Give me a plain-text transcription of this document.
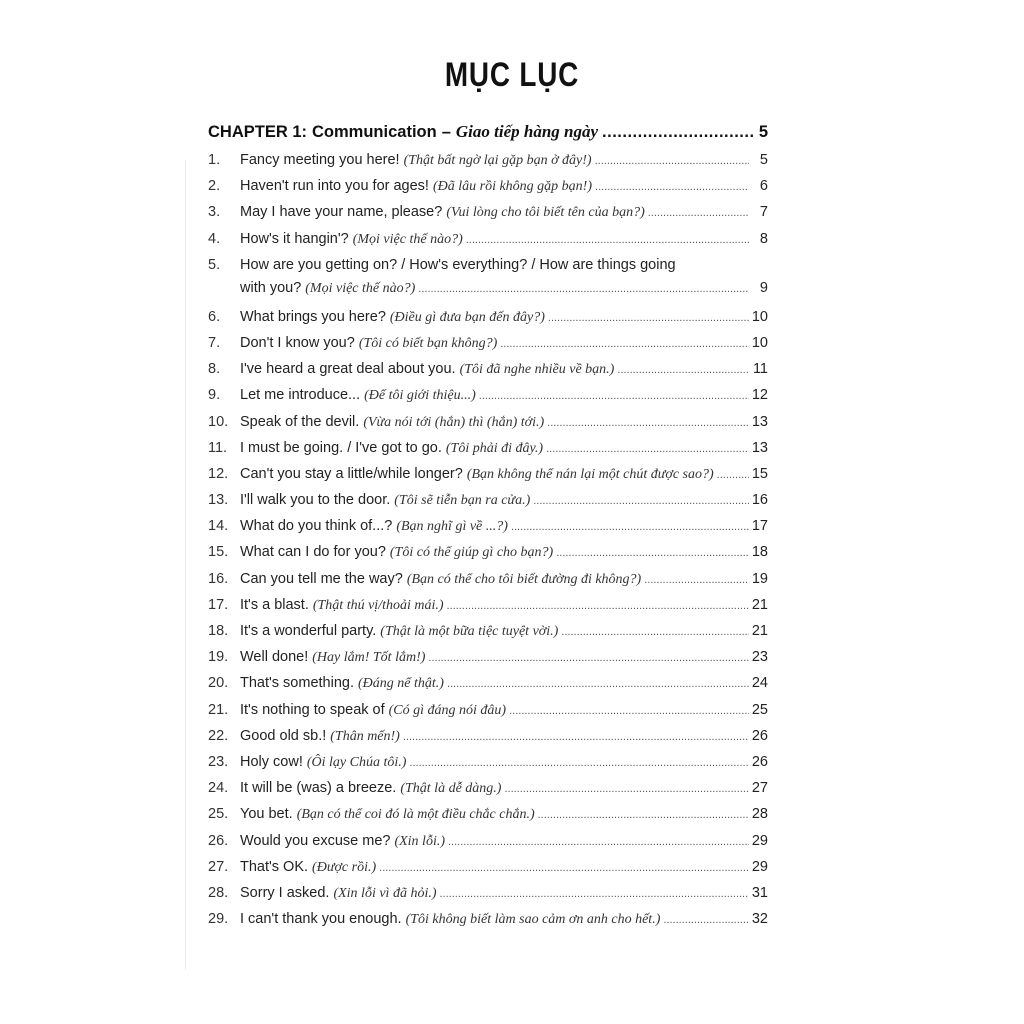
MỤC LỤC
CHAPTER 1: Communication – Giao tiếp hàng ngày .....	5
1.	Fancy meeting you here! (Thật bất ngờ lại gặp bạn ở đây!) .....	5
2.	Haven't run into you for ages! (Đã lâu rồi không gặp bạn!) .....	6
3.	May I have your name, please? (Vui lòng cho tôi biết tên của bạn?) .....	7
4.	How's it hangin'? (Mọi việc thế nào?) .....	8
5.	How are you getting on? / How's everything? / How are things going
with you? (Mọi việc thế nào?) .....	9
6.	What brings you here? (Điều gì đưa bạn đến đây?) .....	10
7.	Don't I know you? (Tôi có biết bạn không?) .....	10
8.	I've heard a great deal about you. (Tôi đã nghe nhiều về bạn.) .....	11
9.	Let me introduce... (Để tôi giới thiệu...) .....	12
10. Speak of the devil. (Vừa nói tới (hắn) thì (hắn) tới.) .....	13
11. I must be going. / I've got to go. (Tôi phải đi đây.) .....	13
12. Can't you stay a little/while longer? (Bạn không thể nán lại một chút được sao?) .....	15
13. I'll walk you to the door. (Tôi sẽ tiễn bạn ra cửa.) .....	16
14. What do you think of...? (Bạn nghĩ gì về ...?) .....	17
15. What can I do for you? (Tôi có thể giúp gì cho bạn?) .....	18
16. Can you tell me the way? (Bạn có thể cho tôi biết đường đi không?) .....	19
17. It's a blast. (Thật thú vị/thoải mái.) .....	21
18. It's a wonderful party. (Thật là một bữa tiệc tuyệt vời.) .....	21
19. Well done! (Hay lắm! Tốt lắm!) .....	23
20. That's something. (Đáng nể thật.) .....	24
21. It's nothing to speak of (Có gì đáng nói đâu) .....	25
22. Good old sb.! (Thân mến!) .....	26
23. Holy cow! (Ôi lạy Chúa tôi.) .....	26
24. It will be (was) a breeze. (Thật là dễ dàng.) .....	27
25. You bet. (Bạn có thể coi đó là một điều chắc chắn.) .....	28
26. Would you excuse me? (Xin lỗi.) .....	29
27. That's OK. (Được rồi.) .....	29
28. Sorry I asked. (Xin lỗi vì đã hỏi.) .....	31
29. I can't thank you enough. (Tôi không biết làm sao cảm ơn anh cho hết.) .....	32
